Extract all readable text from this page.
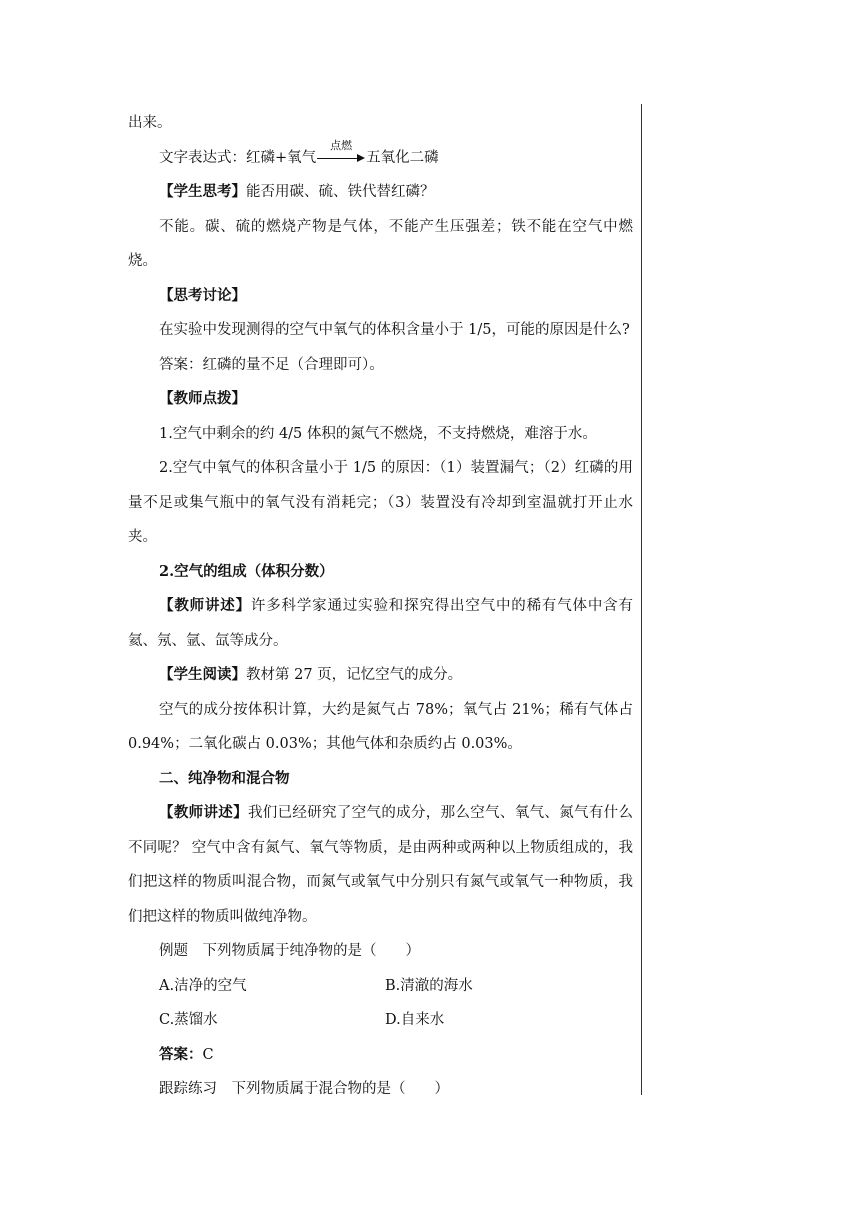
出来。

文字表达式：红磷+氧气
点燃
五氧化二磷

【学生思考】能否用碳、硫、铁代替红磷？

不能。碳、硫的燃烧产物是气体，不能产生压强差；铁不能在空气中燃烧。

【思考讨论】

在实验中发现测得的空气中氧气的体积含量小于 1/5，可能的原因是什么?

答案：红磷的量不足（合理即可）。

【教师点拨】

1.空气中剩余的约 4/5 体积的氮气不燃烧，不支持燃烧，难溶于水。

2.空气中氧气的体积含量小于 1/5 的原因：（1）装置漏气；（2）红磷的用量不足或集气瓶中的氧气没有消耗完；（3）装置没有冷却到室温就打开止水夹。

2.空气的组成（体积分数）

【教师讲述】许多科学家通过实验和探究得出空气中的稀有气体中含有氦、氖、氩、氙等成分。

【学生阅读】教材第 27 页，记忆空气的成分。

空气的成分按体积计算，大约是氮气占 78%；氧气占 21%；稀有气体占 0.94%；二氧化碳占 0.03%；其他气体和杂质约占 0.03%。

二、纯净物和混合物

【教师讲述】我们已经研究了空气的成分，那么空气、氧气、氮气有什么不同呢？ 空气中含有氮气、氧气等物质，是由两种或两种以上物质组成的，我们把这样的物质叫混合物，而氮气或氧气中分别只有氮气或氧气一种物质，我们把这样的物质叫做纯净物。

例题　下列物质属于纯净物的是（　　）

A.洁净的空气	B.清澈的海水
C.蒸馏水	D.自来水

答案：C

跟踪练习　下列物质属于混合物的是（　　）
